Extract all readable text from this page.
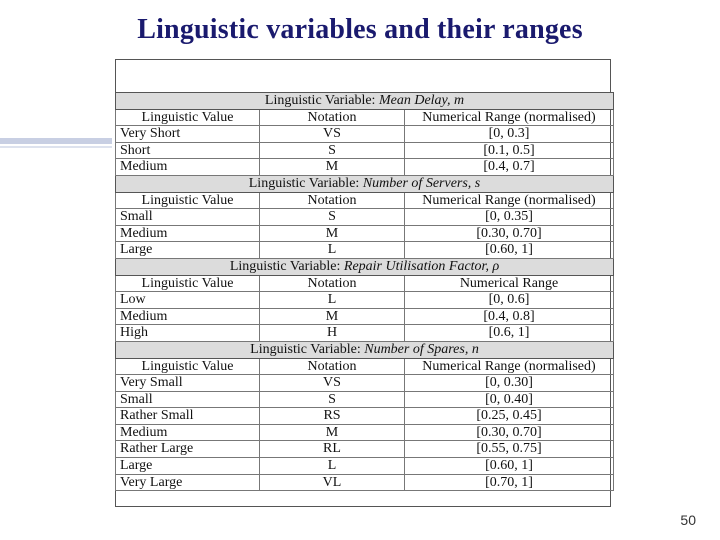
Linguistic variables and their ranges
Linguistic Variable: Mean Delay, m		
Linguistic Value	Notation	Numerical Range (normalised)
Very Short	VS	[0, 0.3]
Short	S	[0.1, 0.5]
Medium	M	[0.4, 0.7]
Linguistic Variable: Number of Servers, s		
Linguistic Value	Notation	Numerical Range (normalised)
Small	S	[0, 0.35]
Medium	M	[0.30, 0.70]
Large	L	[0.60, 1]
Linguistic Variable: Repair Utilisation Factor, ρ		
Linguistic Value	Notation	Numerical Range
Low	L	[0, 0.6]
Medium	M	[0.4, 0.8]
High	H	[0.6, 1]
Linguistic Variable: Number of Spares, n		
Linguistic Value	Notation	Numerical Range (normalised)
Very Small	VS	[0, 0.30]
Small	S	[0, 0.40]
Rather Small	RS	[0.25, 0.45]
Medium	M	[0.30, 0.70]
Rather Large	RL	[0.55, 0.75]
Large	L	[0.60, 1]
Very Large	VL	[0.70, 1]
50
